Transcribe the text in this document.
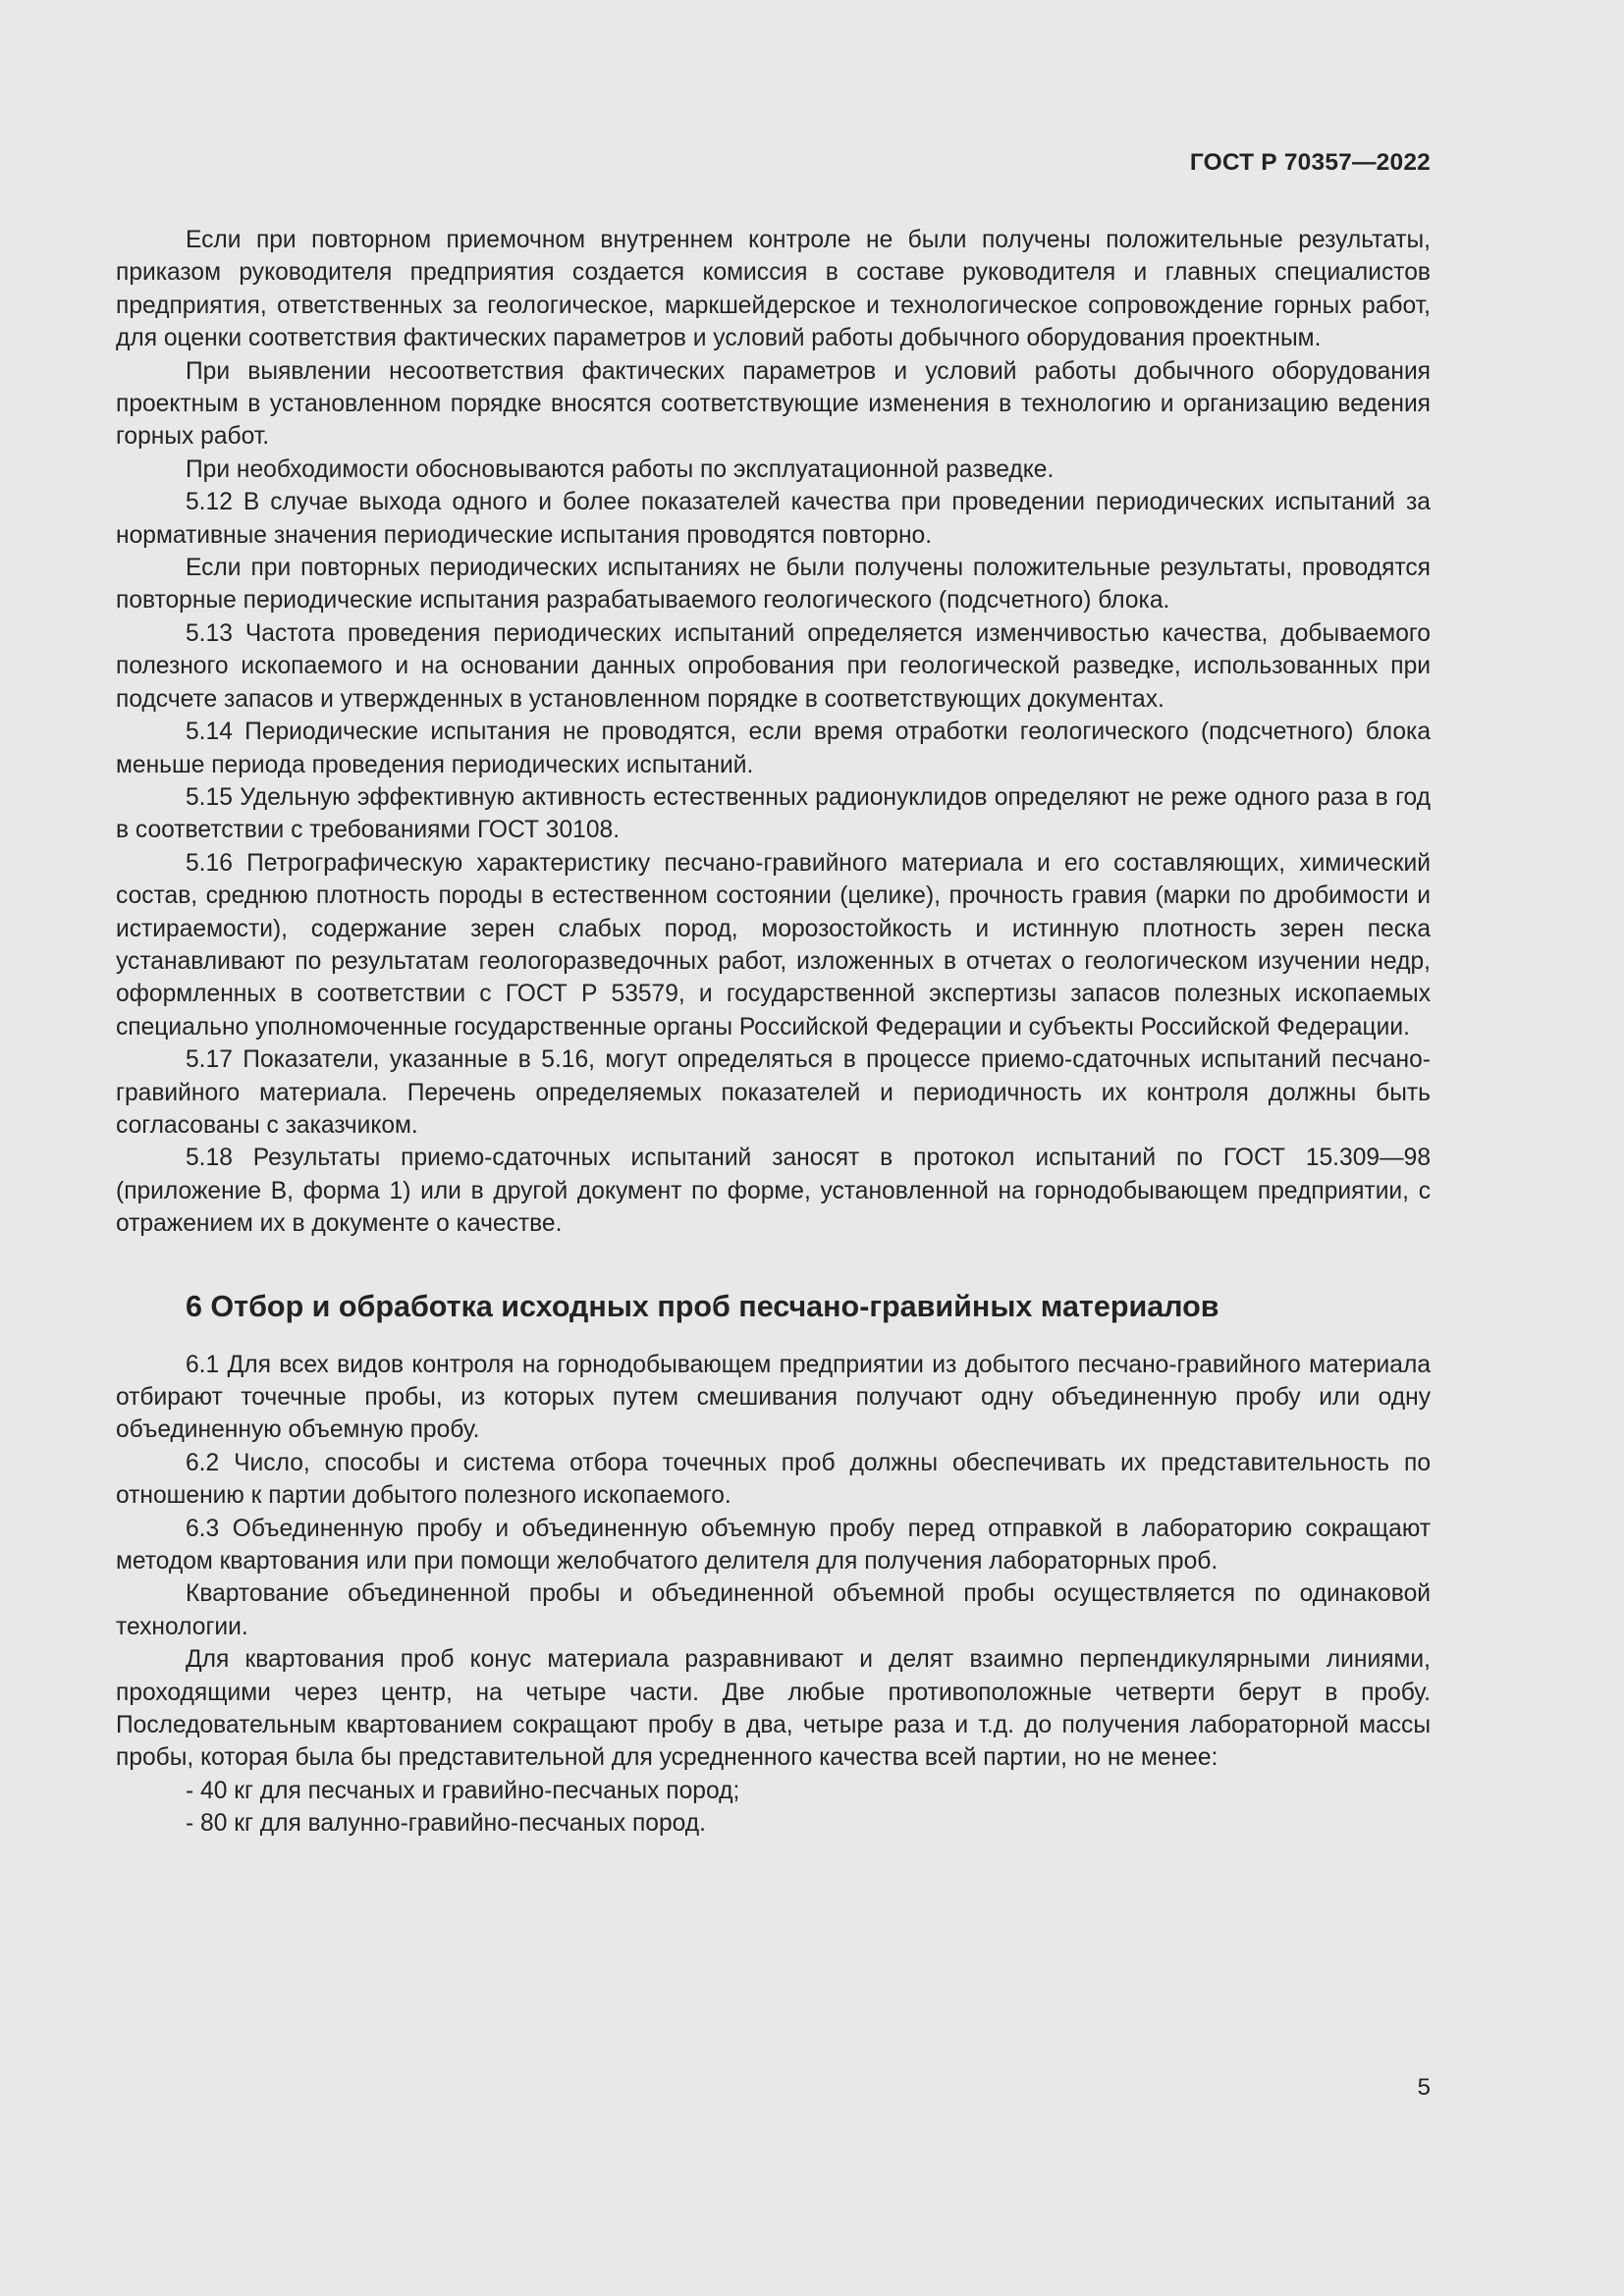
ГОСТ Р 70357—2022

Если при повторном приемочном внутреннем контроле не были получены положительные результаты, приказом руководителя предприятия создается комиссия в составе руководителя и главных специалистов предприятия, ответственных за геологическое, маркшейдерское и технологическое сопровождение горных работ, для оценки соответствия фактических параметров и условий работы добычного оборудования проектным.

При выявлении несоответствия фактических параметров и условий работы добычного оборудования проектным в установленном порядке вносятся соответствующие изменения в технологию и организацию ведения горных работ.

При необходимости обосновываются работы по эксплуатационной разведке.

5.12 В случае выхода одного и более показателей качества при проведении периодических испытаний за нормативные значения периодические испытания проводятся повторно.

Если при повторных периодических испытаниях не были получены положительные результаты, проводятся повторные периодические испытания разрабатываемого геологического (подсчетного) блока.

5.13 Частота проведения периодических испытаний определяется изменчивостью качества, добываемого полезного ископаемого и на основании данных опробования при геологической разведке, использованных при подсчете запасов и утвержденных в установленном порядке в соответствующих документах.

5.14 Периодические испытания не проводятся, если время отработки геологического (подсчетного) блока меньше периода проведения периодических испытаний.

5.15 Удельную эффективную активность естественных радионуклидов определяют не реже одного раза в год в соответствии с требованиями ГОСТ 30108.

5.16 Петрографическую характеристику песчано-гравийного материала и его составляющих, химический состав, среднюю плотность породы в естественном состоянии (целике), прочность гравия (марки по дробимости и истираемости), содержание зерен слабых пород, морозостойкость и истинную плотность зерен песка устанавливают по результатам геологоразведочных работ, изложенных в отчетах о геологическом изучении недр, оформленных в соответствии с ГОСТ Р 53579, и государственной экспертизы запасов полезных ископаемых специально уполномоченные государственные органы Российской Федерации и субъекты Российской Федерации.

5.17 Показатели, указанные в 5.16, могут определяться в процессе приемо-сдаточных испытаний песчано-гравийного материала. Перечень определяемых показателей и периодичность их контроля должны быть согласованы с заказчиком.

5.18 Результаты приемо-сдаточных испытаний заносят в протокол испытаний по ГОСТ 15.309—98 (приложение В, форма 1) или в другой документ по форме, установленной на горнодобывающем предприятии, с отражением их в документе о качестве.

6 Отбор и обработка исходных проб песчано-гравийных материалов

6.1 Для всех видов контроля на горнодобывающем предприятии из добытого песчано-гравийного материала отбирают точечные пробы, из которых путем смешивания получают одну объединенную пробу или одну объединенную объемную пробу.

6.2 Число, способы и система отбора точечных проб должны обеспечивать их представительность по отношению к партии добытого полезного ископаемого.

6.3 Объединенную пробу и объединенную объемную пробу перед отправкой в лабораторию сокращают методом квартования или при помощи желобчатого делителя для получения лабораторных проб.

Квартование объединенной пробы и объединенной объемной пробы осуществляется по одинаковой технологии.

Для квартования проб конус материала разравнивают и делят взаимно перпендикулярными линиями, проходящими через центр, на четыре части. Две любые противоположные четверти берут в пробу. Последовательным квартованием сокращают пробу в два, четыре раза и т.д. до получения лабораторной массы пробы, которая была бы представительной для усредненного качества всей партии, но не менее:

- 40 кг для песчаных и гравийно-песчаных пород;

- 80 кг для валунно-гравийно-песчаных пород.

5
